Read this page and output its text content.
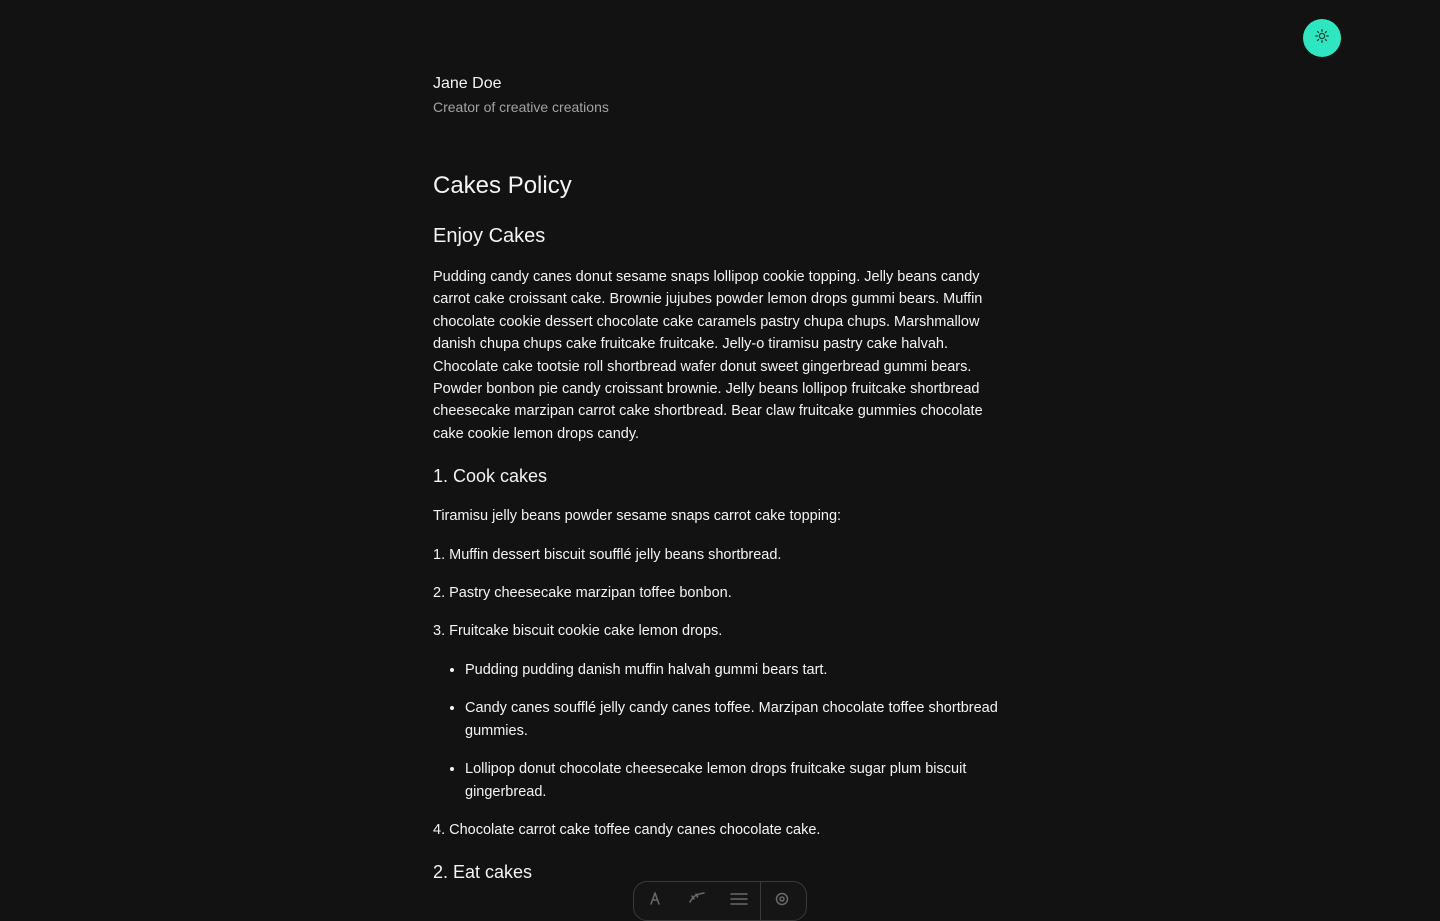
Jane Doe

Creator of creative creations

Cakes Policy
Enjoy Cakes

Pudding candy canes donut sesame snaps lollipop cookie topping. Jelly beans candy carrot cake croissant cake. Brownie jujubes powder lemon drops gummi bears. Muffin chocolate cookie dessert chocolate cake caramels pastry chupa chups. Marshmallow danish chupa chups cake fruitcake fruitcake. Jelly-o tiramisu pastry cake halvah. Chocolate cake tootsie roll shortbread wafer donut sweet gingerbread gummi bears. Powder bonbon pie candy croissant brownie. Jelly beans lollipop fruitcake shortbread cheesecake marzipan carrot cake shortbread. Bear claw fruitcake gummies chocolate cake cookie lemon drops candy.

1. Cook cakes

Tiramisu jelly beans powder sesame snaps carrot cake topping:

1. Muffin dessert biscuit soufflé jelly beans shortbread.

2. Pastry cheesecake marzipan toffee bonbon.

3. Fruitcake biscuit cookie cake lemon drops.

• Pudding pudding danish muffin halvah gummi bears tart.
• Candy canes soufflé jelly candy canes toffee. Marzipan chocolate toffee shortbread gummies.
• Lollipop donut chocolate cheesecake lemon drops fruitcake sugar plum biscuit gingerbread.

4. Chocolate carrot cake toffee candy canes chocolate cake.

2. Eat cakes
